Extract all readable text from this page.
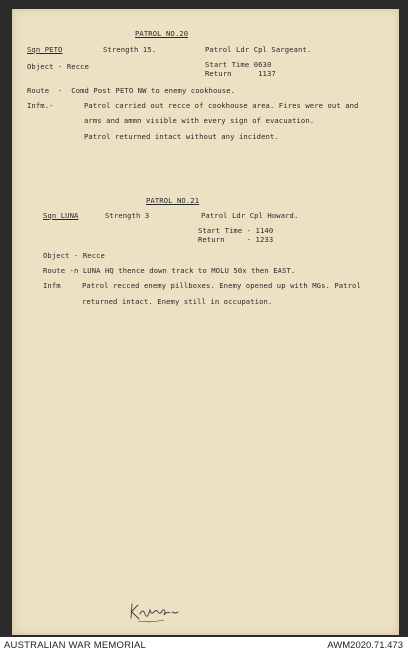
PATROL NO.20
Sqn PETO	Strength 15.	Patrol Ldr Cpl Sargeant.
Object - Recce	Start Time 0630
Return      1137
Route  -  Comd Post PETO NW to enemy cookhouse.
Infm.-	Patrol carried out recce of cookhouse area. Fires were out and
arms and ammn visible with every sign of evacuation.
Patrol returned intact without any incident.
PATROL NO.21
Sqn LUNA	Strength 3	Patrol Ldr Cpl Howard.
Start Time - 1140
Return     - 1233
Object - Recce
Route -n LUNA HQ thence down track to MOLU 50x then EAST.
Infm	Patrol recced enemy pillboxes. Enemy opened up with MGs. Patrol
returned intact. Enemy still in occupation.
AUSTRALIAN WAR MEMORIAL	AWM2020.71.473
